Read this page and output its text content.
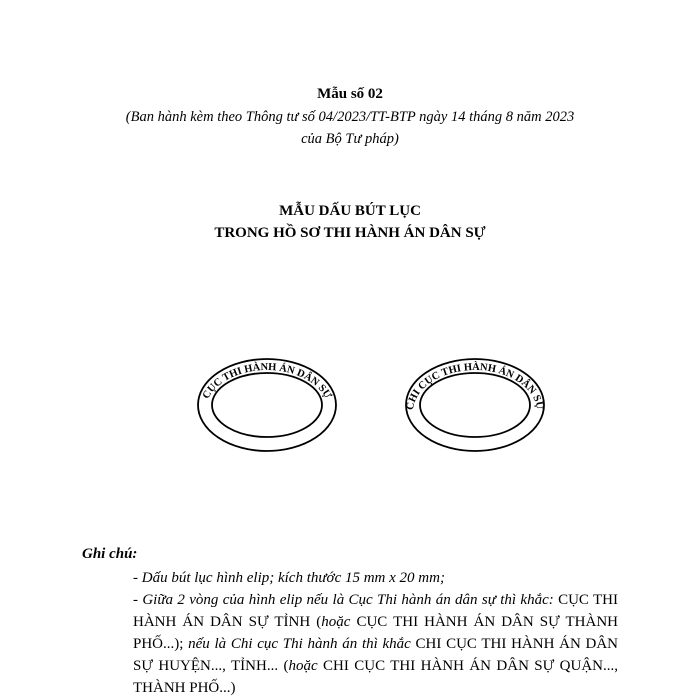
Mẫu số 02
(Ban hành kèm theo Thông tư số 04/2023/TT-BTP ngày 14 tháng 8 năm 2023
của Bộ Tư pháp)
MẪU DẤU BÚT LỤC
TRONG HỒ SƠ THI HÀNH ÁN DÂN SỰ
CỤC THI HÀNH ÁN DÂN SỰ
CHI CỤC THI HÀNH ÁN DÂN SỰ
Ghi chú:

- Dấu bút lục hình elip; kích thước 15 mm x 20 mm;

- Giữa 2 vòng của hình elip nếu là Cục Thi hành án dân sự thì khắc: CỤC THI HÀNH ÁN DÂN SỰ TỈNH (hoặc CỤC THI HÀNH ÁN DÂN SỰ THÀNH PHỐ...); nếu là Chi cục Thi hành án thì khắc CHI CỤC THI HÀNH ÁN DÂN SỰ HUYỆN..., TỈNH... (hoặc CHI CỤC THI HÀNH ÁN DÂN SỰ QUẬN..., THÀNH PHỐ...)
